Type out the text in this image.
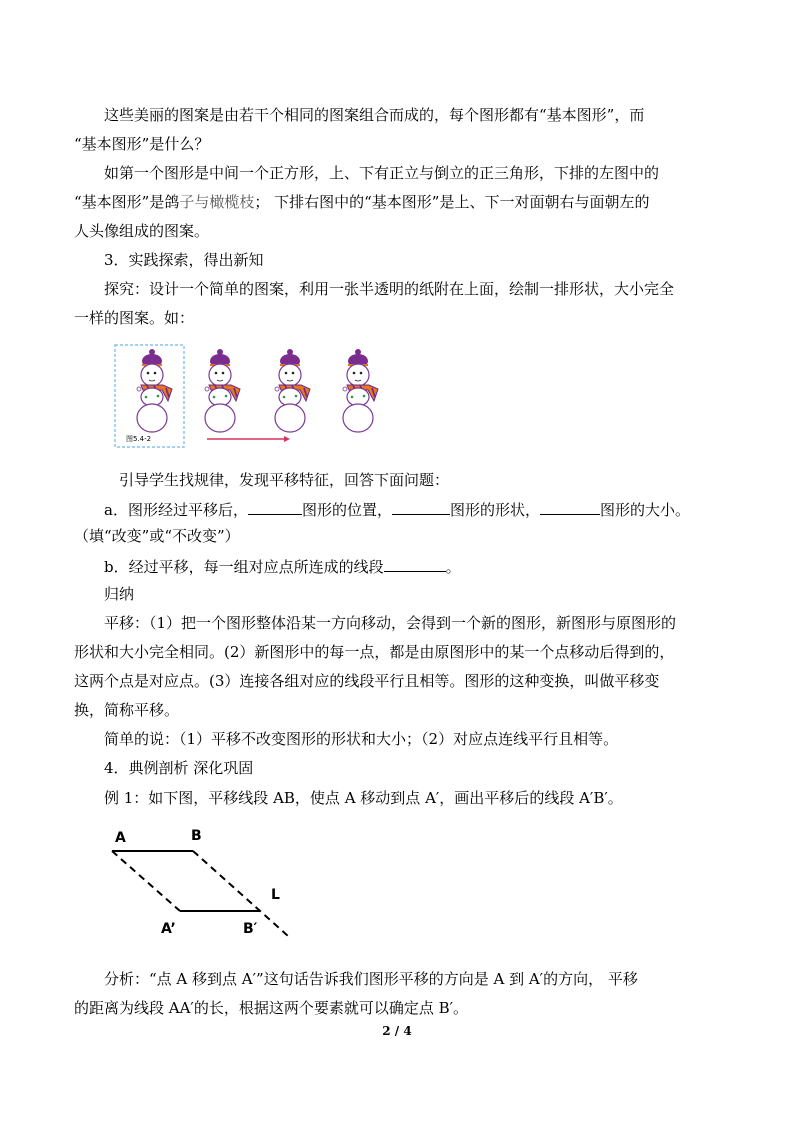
这些美丽的图案是由若干个相同的图案组合而成的，每个图形都有“基本图形”，而
“基本图形”是什么？
如第一个图形是中间一个正方形，上、下有正立与倒立的正三角形，下排的左图中的
“基本图形”是鸽子与橄榄枝； 下排右图中的“基本图形”是上、下一对面朝右与面朝左的
人头像组成的图案。
3．实践探索，得出新知
探究：设计一个简单的图案，利用一张半透明的纸附在上面，绘制一排形状，大小完全
一样的图案。如：
图5.4-2
引导学生找规律，发现平移特征，回答下面问题：
a．图形经过平移后，	图形的位置，	图形的形状，	图形的大小。
（填“改变”或“不改变”）
b．经过平移，每一组对应点所连成的线段	。
归纳
平移：（1）把一个图形整体沿某一方向移动，会得到一个新的图形，新图形与原图形的
形状和大小完全相同。(2）新图形中的每一点，都是由原图形中的某一个点移动后得到的，
这两个点是对应点。(3）连接各组对应的线段平行且相等。图形的这种变换，叫做平移变
换，简称平移。
简单的说：（1）平移不改变图形的形状和大小；（2）对应点连线平行且相等。
4．典例剖析 深化巩固
例 1：如下图，平移线段 AB，使点 A 移动到点 A′，画出平移后的线段 A′B′。
A	B
L
A’	B′
分析：“点 A 移到点 A′”这句话告诉我们图形平移的方向是 A 到 A′的方向， 平移
的距离为线段 AA′的长，根据这两个要素就可以确定点 B′。
2 / 4
